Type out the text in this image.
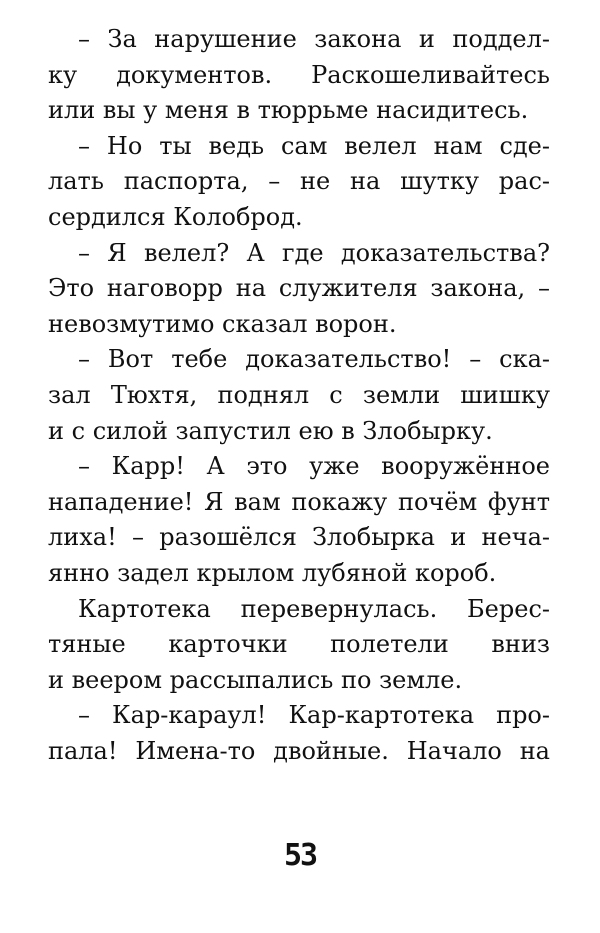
– За нарушение закона и поддел-
ку документов. Раскошеливайтесь
или вы у меня в тюррьме насидитесь.
– Но ты ведь сам велел нам сде-
лать паспорта, – не на шутку рас-
сердился Колоброд.
– Я велел? А где доказательства?
Это наговорр на служителя закона, –
невозмутимо сказал ворон.
– Вот тебе доказательство! – ска-
зал Тюхтя, поднял с земли шишку
и с силой запустил ею в Злобырку.
– Карр! А это уже вооружённое
нападение! Я вам покажу почём фунт
лиха! – разошёлся Злобырка и неча-
янно задел крылом лубяной короб.
Картотека перевернулась. Берес-
тяные карточки полетели вниз
и веером рассыпались по земле.
– Кар-караул! Кар-картотека про-
пала! Имена-то двойные. Начало на
53
